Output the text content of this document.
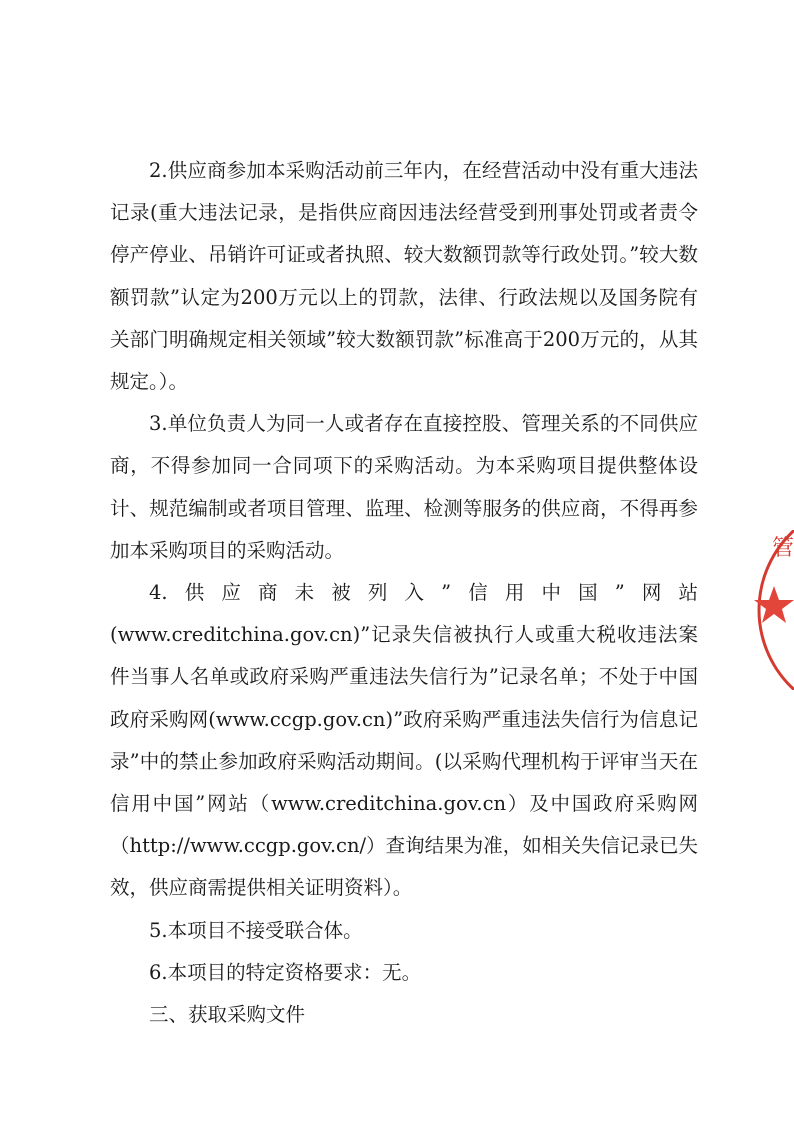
2.供应商参加本采购活动前三年内，在经营活动中没有重大违法记录(重大违法记录，是指供应商因违法经营受到刑事处罚或者责令停产停业、吊销许可证或者执照、较大数额罚款等行政处罚。”较大数额罚款”认定为200万元以上的罚款，法律、行政法规以及国务院有关部门明确规定相关领域”较大数额罚款”标准高于200万元的，从其规定。）。

3.单位负责人为同一人或者存在直接控股、管理关系的不同供应商，不得参加同一合同项下的采购活动。为本采购项目提供整体设计、规范编制或者项目管理、监理、检测等服务的供应商，不得再参加本采购项目的采购活动。

4.供应商未被列入”信用中国”网站(www.creditchina.gov.cn)”记录失信被执行人或重大税收违法案件当事人名单或政府采购严重违法失信行为”记录名单；不处于中国政府采购网(www.ccgp.gov.cn)”政府采购严重违法失信行为信息记录”中的禁止参加政府采购活动期间。(以采购代理机构于评审当天在信用中国”网站（www.creditchina.gov.cn）及中国政府采购网（http://www.ccgp.gov.cn/）查询结果为准，如相关失信记录已失效，供应商需提供相关证明资料）。

5.本项目不接受联合体。

6.本项目的特定资格要求：无。

三、获取采购文件

管
